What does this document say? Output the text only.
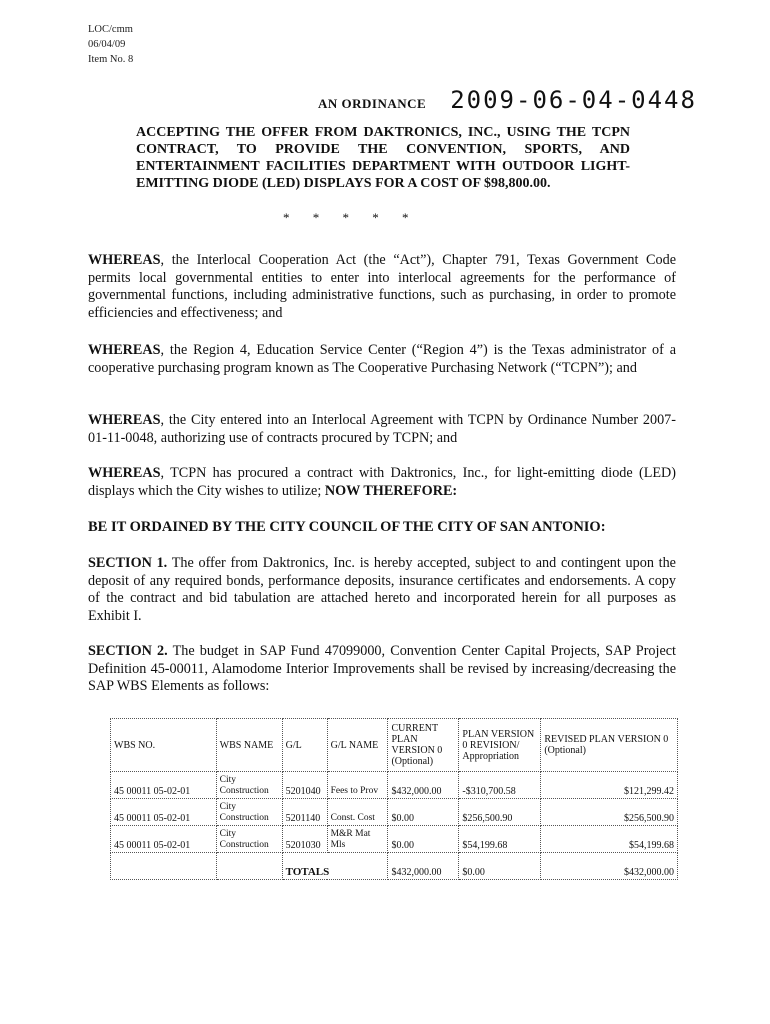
LOC/cmm
06/04/09
Item No. 8
AN ORDINANCE 2009-06-04-0448
ACCEPTING THE OFFER FROM DAKTRONICS, INC., USING THE TCPN CONTRACT, TO PROVIDE THE CONVENTION, SPORTS, AND ENTERTAINMENT FACILITIES DEPARTMENT WITH OUTDOOR LIGHT-EMITTING DIODE (LED) DISPLAYS FOR A COST OF $98,800.00.
* * * * *
WHEREAS, the Interlocal Cooperation Act (the “Act”), Chapter 791, Texas Government Code permits local governmental entities to enter into interlocal agreements for the performance of governmental functions, including administrative functions, such as purchasing, in order to promote efficiencies and effectiveness; and
WHEREAS, the Region 4, Education Service Center (“Region 4”) is the Texas administrator of a cooperative purchasing program known as The Cooperative Purchasing Network (“TCPN”); and
WHEREAS, the City entered into an Interlocal Agreement with TCPN by Ordinance Number 2007-01-11-0048, authorizing use of contracts procured by TCPN; and
WHEREAS, TCPN has procured a contract with Daktronics, Inc., for light-emitting diode (LED) displays which the City wishes to utilize; NOW THEREFORE:
BE IT ORDAINED BY THE CITY COUNCIL OF THE CITY OF SAN ANTONIO:
SECTION 1. The offer from Daktronics, Inc. is hereby accepted, subject to and contingent upon the deposit of any required bonds, performance deposits, insurance certificates and endorsements. A copy of the contract and bid tabulation are attached hereto and incorporated herein for all purposes as Exhibit I.
SECTION 2. The budget in SAP Fund 47099000, Convention Center Capital Projects, SAP Project Definition 45-00011, Alamodome Interior Improvements shall be revised by increasing/decreasing the SAP WBS Elements as follows:
WBS NO.	WBS NAME	G/L	G/L NAME	CURRENT PLAN VERSION 0 (Optional)	PLAN VERSION 0 REVISION/ Appropriation	REVISED PLAN VERSION 0 (Optional)
45 00011 05-02-01	City Construction	5201040	Fees to Prov	$432,000.00	-$310,700.58	$121,299.42
45 00011 05-02-01	City Construction	5201140	Const. Cost	$0.00	$256,500.90	$256,500.90
45 00011 05-02-01	City Construction	5201030	M&R Mat Mls	$0.00	$54,199.68	$54,199.68
		TOTALS		$432,000.00	$0.00	$432,000.00
